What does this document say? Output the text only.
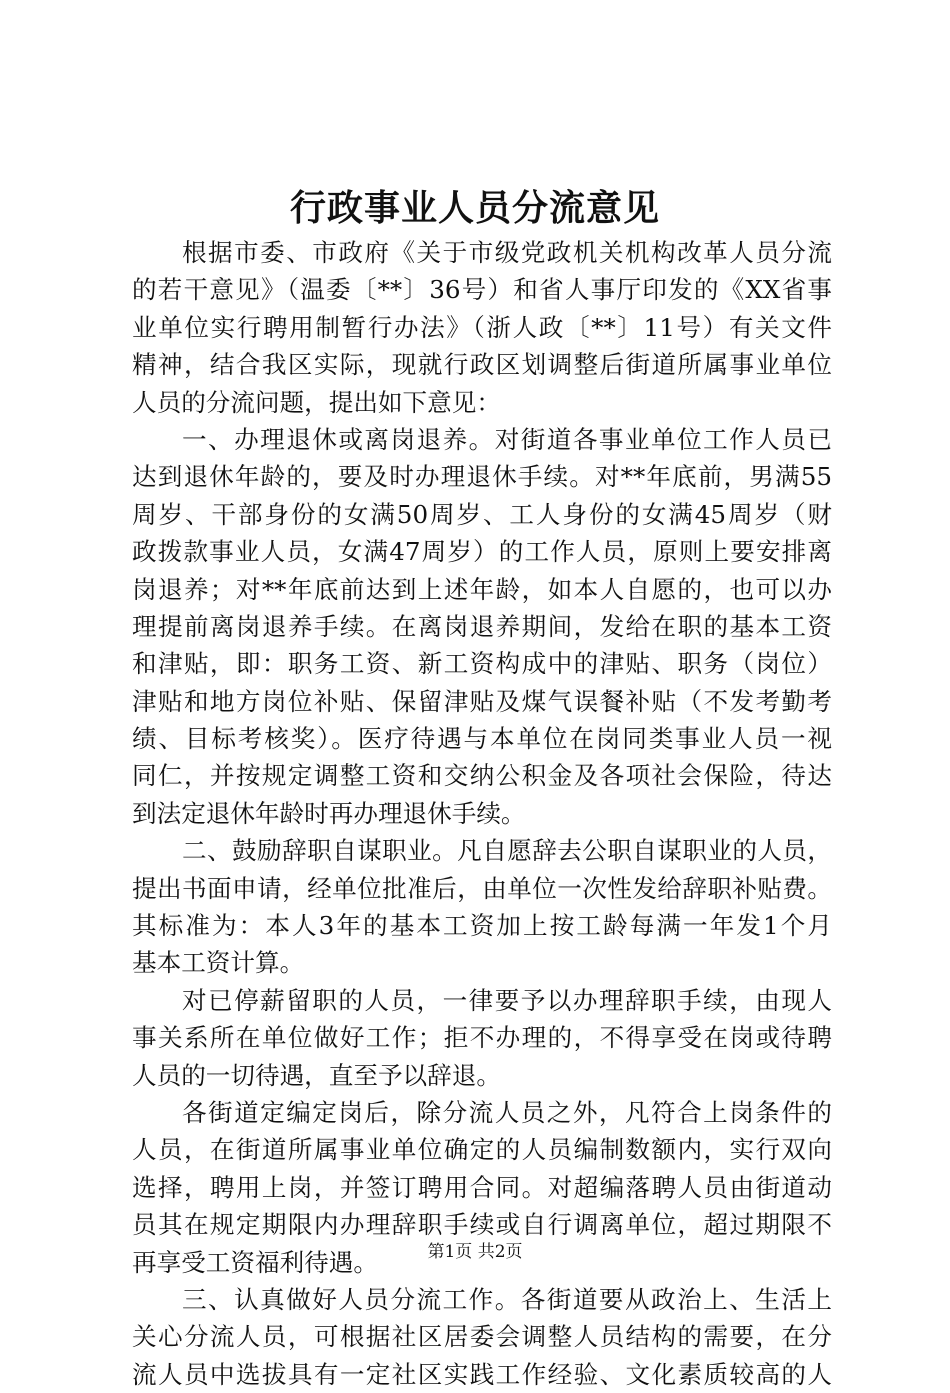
行政事业人员分流意见
根据市委、市政府《关于市级党政机关机构改革人员分流
的若干意见》（温委〔**〕36号）和省人事厅印发的《XX省事
业单位实行聘用制暂行办法》（浙人政〔**〕11号）有关文件
精神，结合我区实际，现就行政区划调整后街道所属事业单位
人员的分流问题，提出如下意见：
一、办理退休或离岗退养。对街道各事业单位工作人员已
达到退休年龄的，要及时办理退休手续。对**年底前，男满55
周岁、干部身份的女满50周岁、工人身份的女满45周岁（财
政拨款事业人员，女满47周岁）的工作人员，原则上要安排离
岗退养；对**年底前达到上述年龄，如本人自愿的，也可以办
理提前离岗退养手续。在离岗退养期间，发给在职的基本工资
和津贴，即：职务工资、新工资构成中的津贴、职务（岗位）
津贴和地方岗位补贴、保留津贴及煤气误餐补贴（不发考勤考
绩、目标考核奖）。医疗待遇与本单位在岗同类事业人员一视
同仁，并按规定调整工资和交纳公积金及各项社会保险，待达
到法定退休年龄时再办理退休手续。
二、鼓励辞职自谋职业。凡自愿辞去公职自谋职业的人员，
提出书面申请，经单位批准后，由单位一次性发给辞职补贴费。
其标准为：本人3年的基本工资加上按工龄每满一年发1个月
基本工资计算。
对已停薪留职的人员，一律要予以办理辞职手续，由现人
事关系所在单位做好工作；拒不办理的，不得享受在岗或待聘
人员的一切待遇，直至予以辞退。
各街道定编定岗后，除分流人员之外，凡符合上岗条件的
人员，在街道所属事业单位确定的人员编制数额内，实行双向
选择，聘用上岗，并签订聘用合同。对超编落聘人员由街道动
员其在规定期限内办理辞职手续或自行调离单位，超过期限不
再享受工资福利待遇。
三、认真做好人员分流工作。各街道要从政治上、生活上
关心分流人员，可根据社区居委会调整人员结构的需要，在分
流人员中选拔具有一定社区实践工作经验、文化素质较高的人
第1页 共2页
